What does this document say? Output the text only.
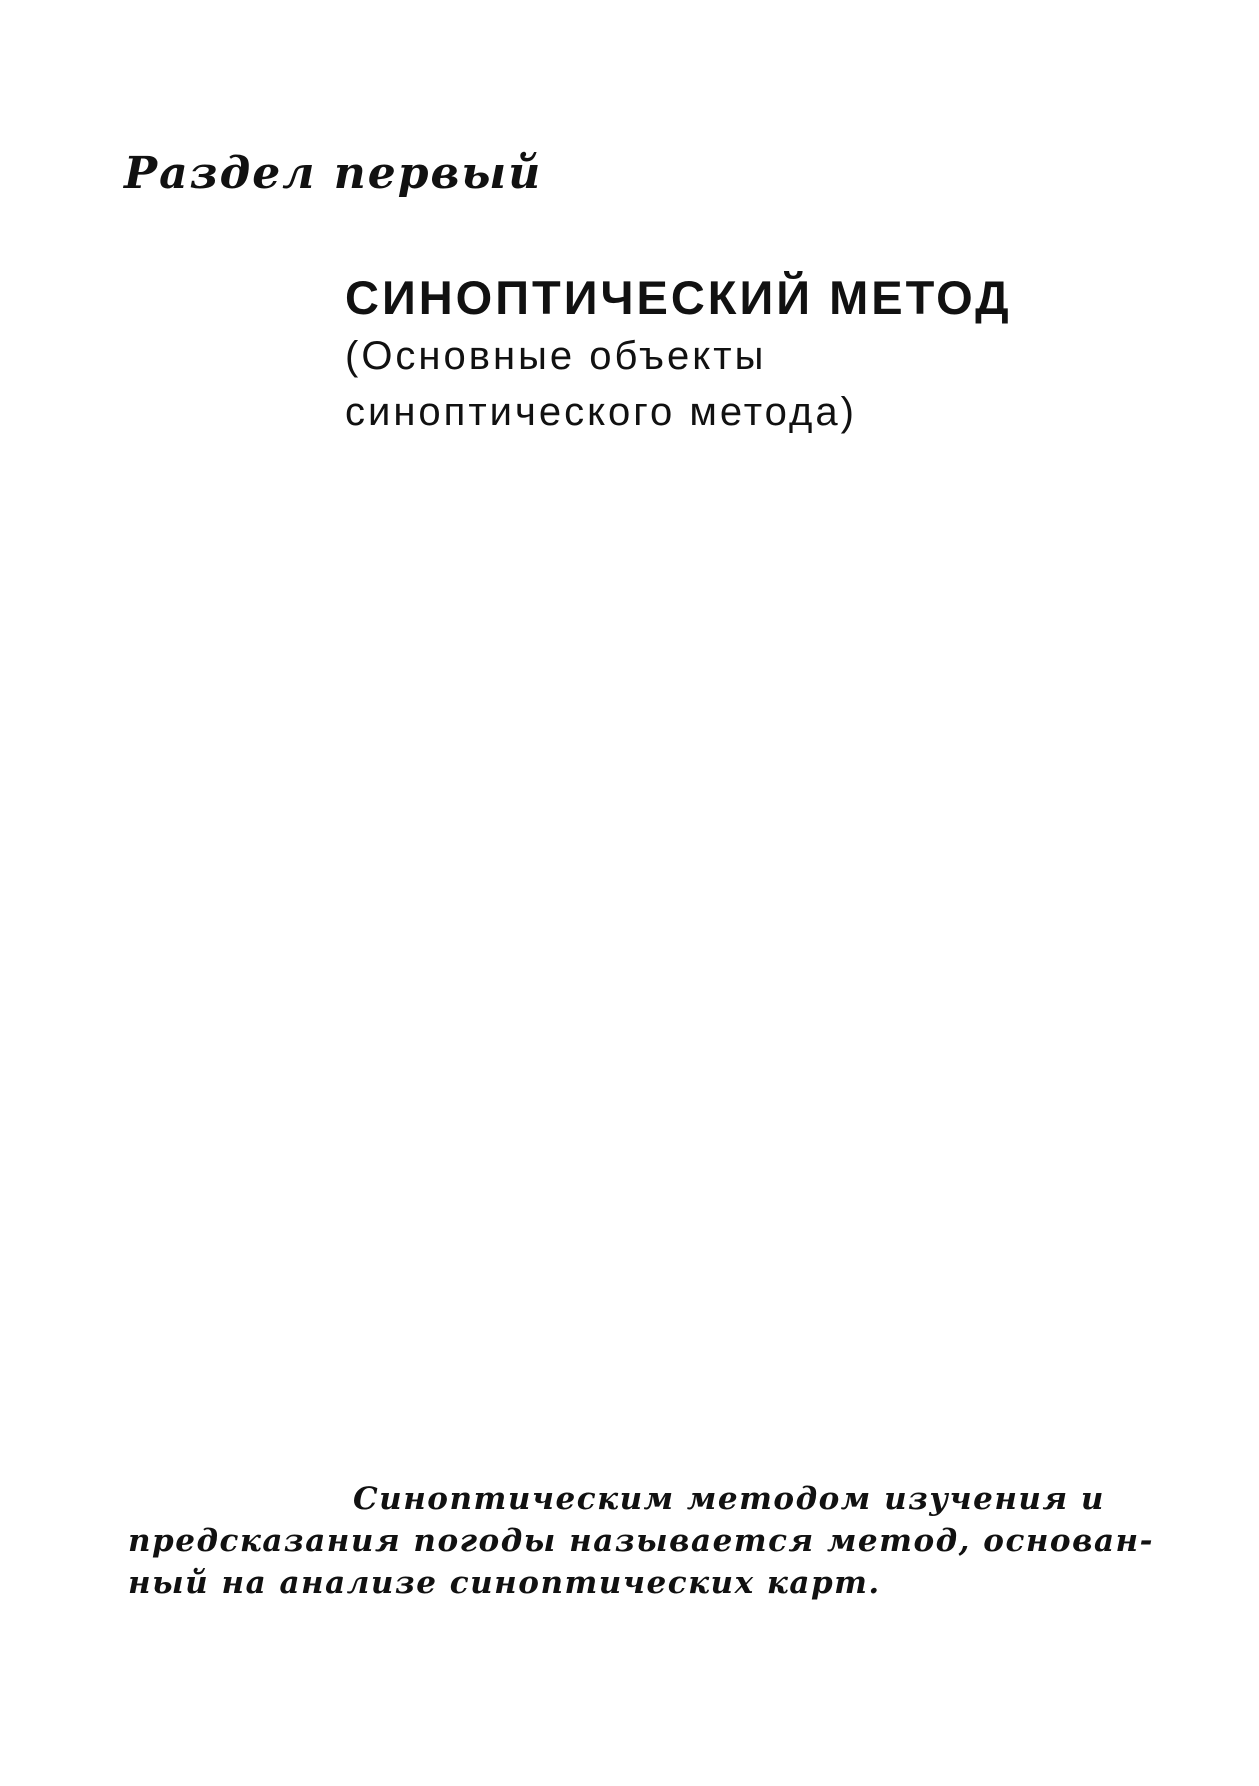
Раздел первый
СИНОПТИЧЕСКИЙ МЕТОД
(Основные объекты
синоптического метода)
Синоптическим методом изучения и
предсказания погоды называется метод, основан-
ный на анализе синоптических карт.
